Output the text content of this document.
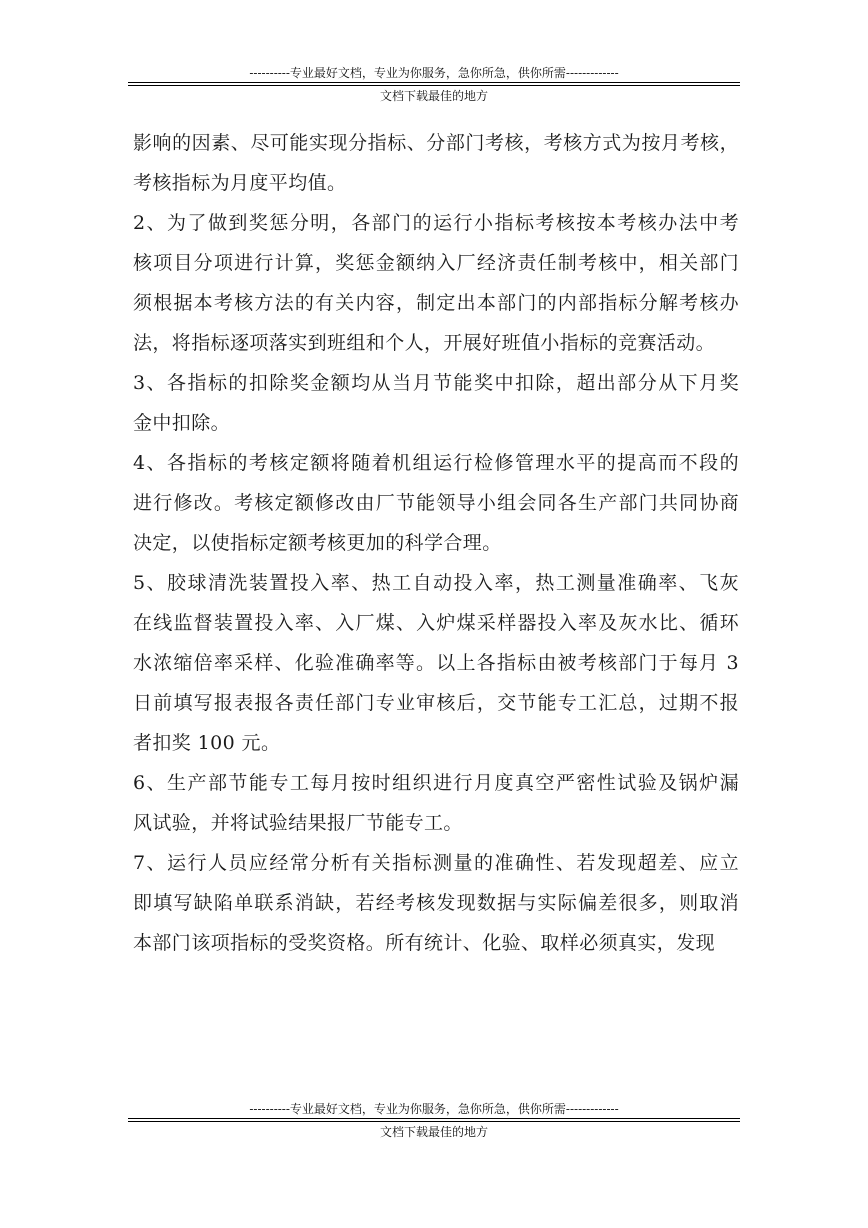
----------专业最好文档，专业为你服务，急你所急，供你所需-------------
文档下载最佳的地方
影响的因素、尽可能实现分指标、分部门考核，考核方式为按月考核，
考核指标为月度平均值。
2、为了做到奖惩分明，各部门的运行小指标考核按本考核办法中考
核项目分项进行计算，奖惩金额纳入厂经济责任制考核中，相关部门
须根据本考核方法的有关内容，制定出本部门的内部指标分解考核办
法，将指标逐项落实到班组和个人，开展好班值小指标的竞赛活动。
3、各指标的扣除奖金额均从当月节能奖中扣除，超出部分从下月奖
金中扣除。
4、各指标的考核定额将随着机组运行检修管理水平的提高而不段的
进行修改。考核定额修改由厂节能领导小组会同各生产部门共同协商
决定，以使指标定额考核更加的科学合理。
5、胶球清洗装置投入率、热工自动投入率，热工测量准确率、飞灰
在线监督装置投入率、入厂煤、入炉煤采样器投入率及灰水比、循环
水浓缩倍率采样、化验准确率等。以上各指标由被考核部门于每月 3
日前填写报表报各责任部门专业审核后，交节能专工汇总，过期不报
者扣奖 100 元。
6、生产部节能专工每月按时组织进行月度真空严密性试验及锅炉漏
风试验，并将试验结果报厂节能专工。
7、运行人员应经常分析有关指标测量的准确性、若发现超差、应立
即填写缺陷单联系消缺，若经考核发现数据与实际偏差很多，则取消
本部门该项指标的受奖资格。所有统计、化验、取样必须真实，发现
----------专业最好文档，专业为你服务，急你所急，供你所需-------------
文档下载最佳的地方
